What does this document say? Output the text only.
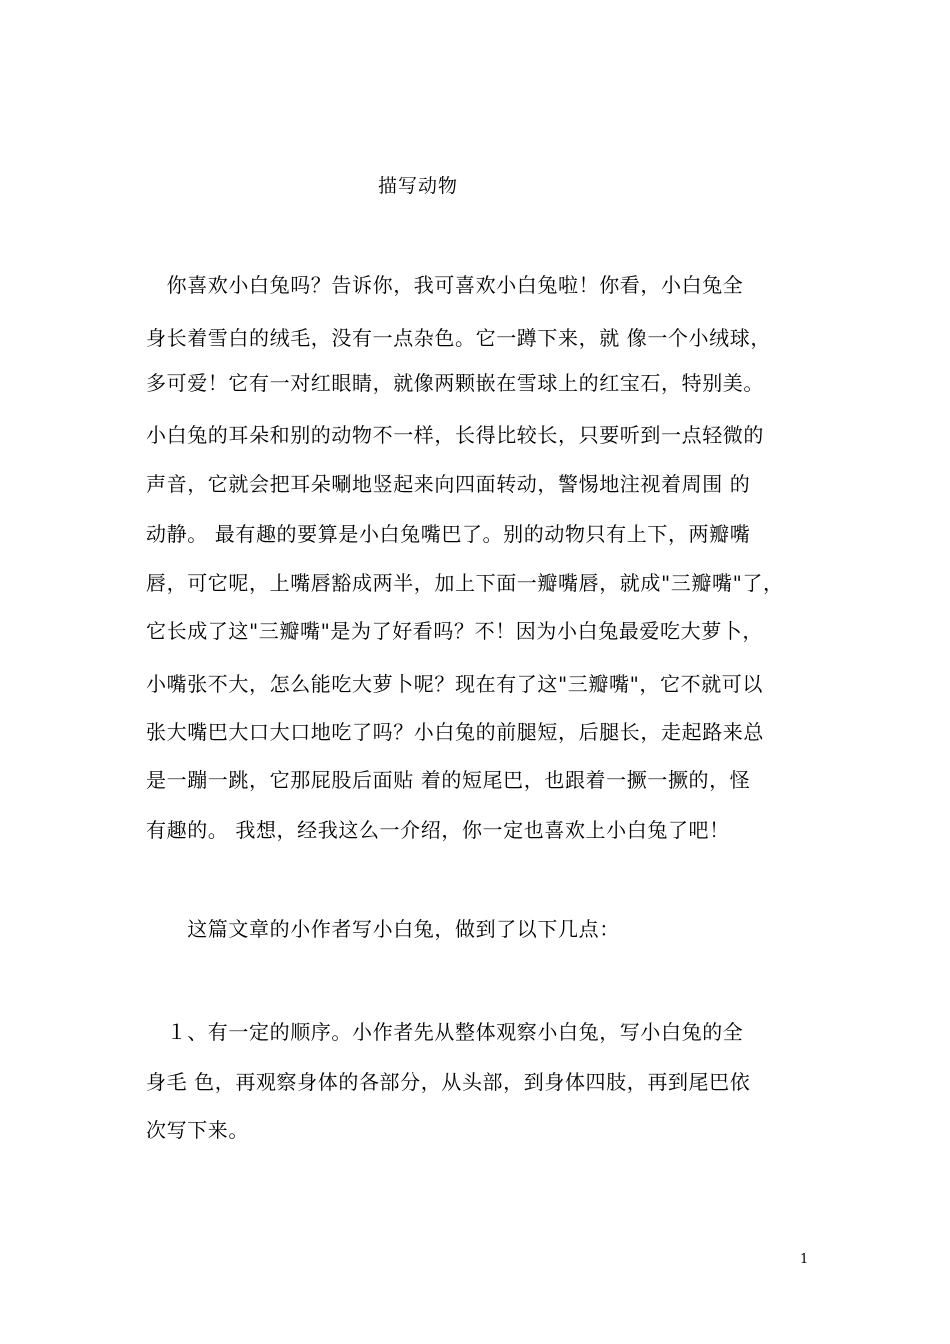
描写动物
　你喜欢小白兔吗？告诉你，我可喜欢小白兔啦！你看，小白兔全
身长着雪白的绒毛，没有一点杂色。它一蹲下来，就 像一个小绒球，
多可爱！它有一对红眼睛，就像两颗嵌在雪球上的红宝石，特别美。
小白兔的耳朵和别的动物不一样，长得比较长，只要听到一点轻微的
声音，它就会把耳朵唰地竖起来向四面转动，警惕地注视着周围 的
动静。 最有趣的要算是小白兔嘴巴了。别的动物只有上下，两瓣嘴
唇，可它呢，上嘴唇豁成两半，加上下面一瓣嘴唇，就成"三瓣嘴"了，
它长成了这"三瓣嘴"是为了好看吗？不！因为小白兔最爱吃大萝卜，
小嘴张不大，怎么能吃大萝卜呢？现在有了这"三瓣嘴"，它不就可以
张大嘴巴大口大口地吃了吗？小白兔的前腿短，后腿长，走起路来总
是一蹦一跳，它那屁股后面贴 着的短尾巴，也跟着一撅一撅的，怪
有趣的。 我想，经我这么一介绍，你一定也喜欢上小白兔了吧！
　　这篇文章的小作者写小白兔，做到了以下几点：
　１、有一定的顺序。小作者先从整体观察小白兔，写小白兔的全
身毛 色，再观察身体的各部分，从头部，到身体四肢，再到尾巴依
次写下来。
1
